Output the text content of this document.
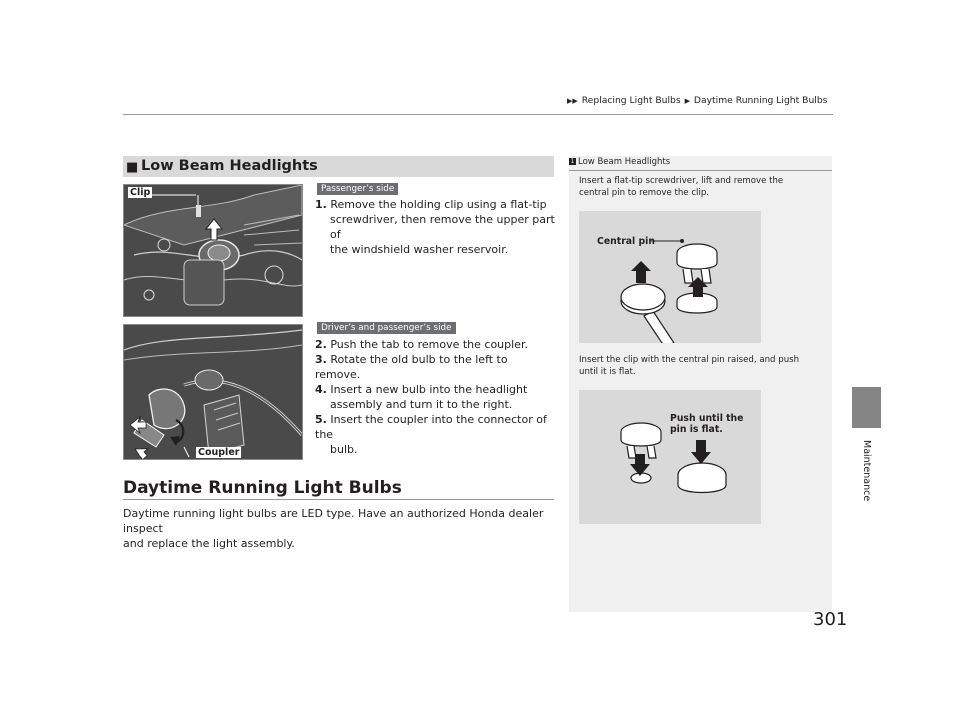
▶▶ Replacing Light Bulbs ▶ Daytime Running Light Bulbs
Maintenance
■ Low Beam Headlights
Clip
Coupler
Passenger’s side
Driver’s and passenger’s side
1. Remove the holding clip using a flat-tip
screwdriver, then remove the upper part of
the windshield washer reservoir.
2. Push the tab to remove the coupler.
3. Rotate the old bulb to the left to remove.
4. Insert a new bulb into the headlight
assembly and turn it to the right.
5. Insert the coupler into the connector of the
bulb.
Daytime Running Light Bulbs
Daytime running light bulbs are LED type. Have an authorized Honda dealer inspect
and replace the light assembly.
1 Low Beam Headlights
Insert a flat-tip screwdriver, lift and remove the
central pin to remove the clip.
Central pin
Insert the clip with the central pin raised, and push
until it is flat.
Push until the
pin is flat.
301
